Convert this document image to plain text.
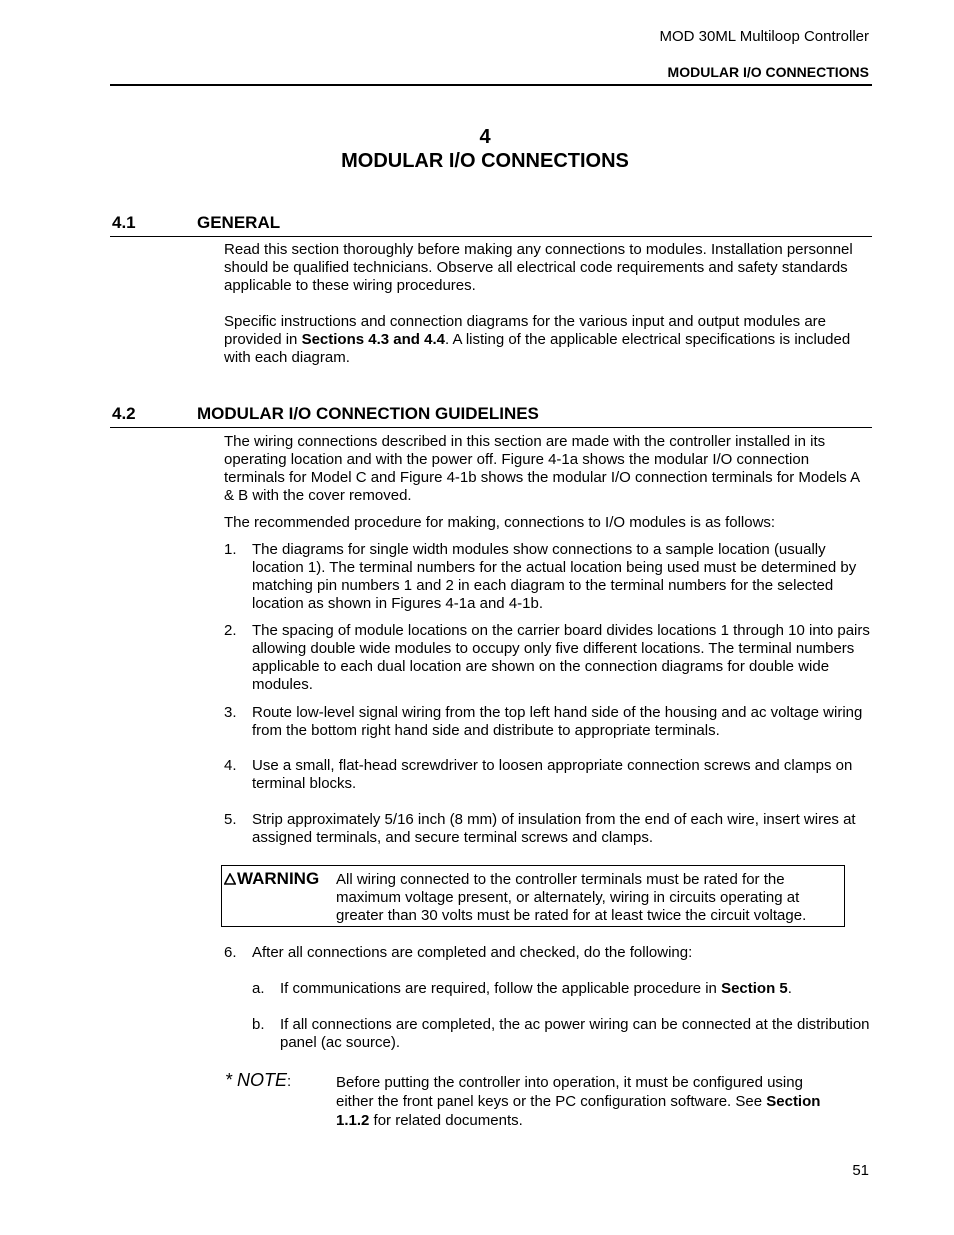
MOD 30ML Multiloop Controller
MODULAR I/O CONNECTIONS
4
MODULAR I/O CONNECTIONS
4.1	GENERAL
Read this section thoroughly before making any connections to modules. Installation personnel should be qualified technicians. Observe all electrical code requirements and safety standards applicable to these wiring procedures.
Specific instructions and connection diagrams for the various input and output modules are provided in Sections 4.3 and 4.4. A listing of the applicable electrical specifications is included with each diagram.
4.2	MODULAR I/O CONNECTION GUIDELINES
The wiring connections described in this section are made with the controller installed in its operating location and with the power off. Figure 4-1a shows the modular I/O connection terminals for Model C and Figure 4-1b shows the modular I/O connection terminals for Models A & B with the cover removed.
The recommended procedure for making, connections to I/O modules is as follows:
1. The diagrams for single width modules show connections to a sample location (usually location 1). The terminal numbers for the actual location being used must be determined by matching pin numbers 1 and 2 in each diagram to the terminal numbers for the selected location as shown in Figures 4-1a and 4-1b.
2. The spacing of module locations on the carrier board divides locations 1 through 10 into pairs allowing double wide modules to occupy only five different locations. The terminal numbers applicable to each dual location are shown on the connection diagrams for double wide modules.
3. Route low-level signal wiring from the top left hand side of the housing and ac voltage wiring from the bottom right hand side and distribute to appropriate terminals.
4. Use a small, flat-head screwdriver to loosen appropriate connection screws and clamps on terminal blocks.
5. Strip approximately 5/16 inch (8 mm) of insulation from the end of each wire, insert wires at assigned terminals, and secure terminal screws and clamps.
WARNING All wiring connected to the controller terminals must be rated for the maximum voltage present, or alternately, wiring in circuits operating at greater than 30 volts must be rated for at least twice the circuit voltage.
6. After all connections are completed and checked, do the following:
a. If communications are required, follow the applicable procedure in Section 5.
b. If all connections are completed, the ac power wiring can be connected at the distribution panel (ac source).
* NOTE:	Before putting the controller into operation, it must be configured using either the front panel keys or the PC configuration software. See Section 1.1.2 for related documents.
51
